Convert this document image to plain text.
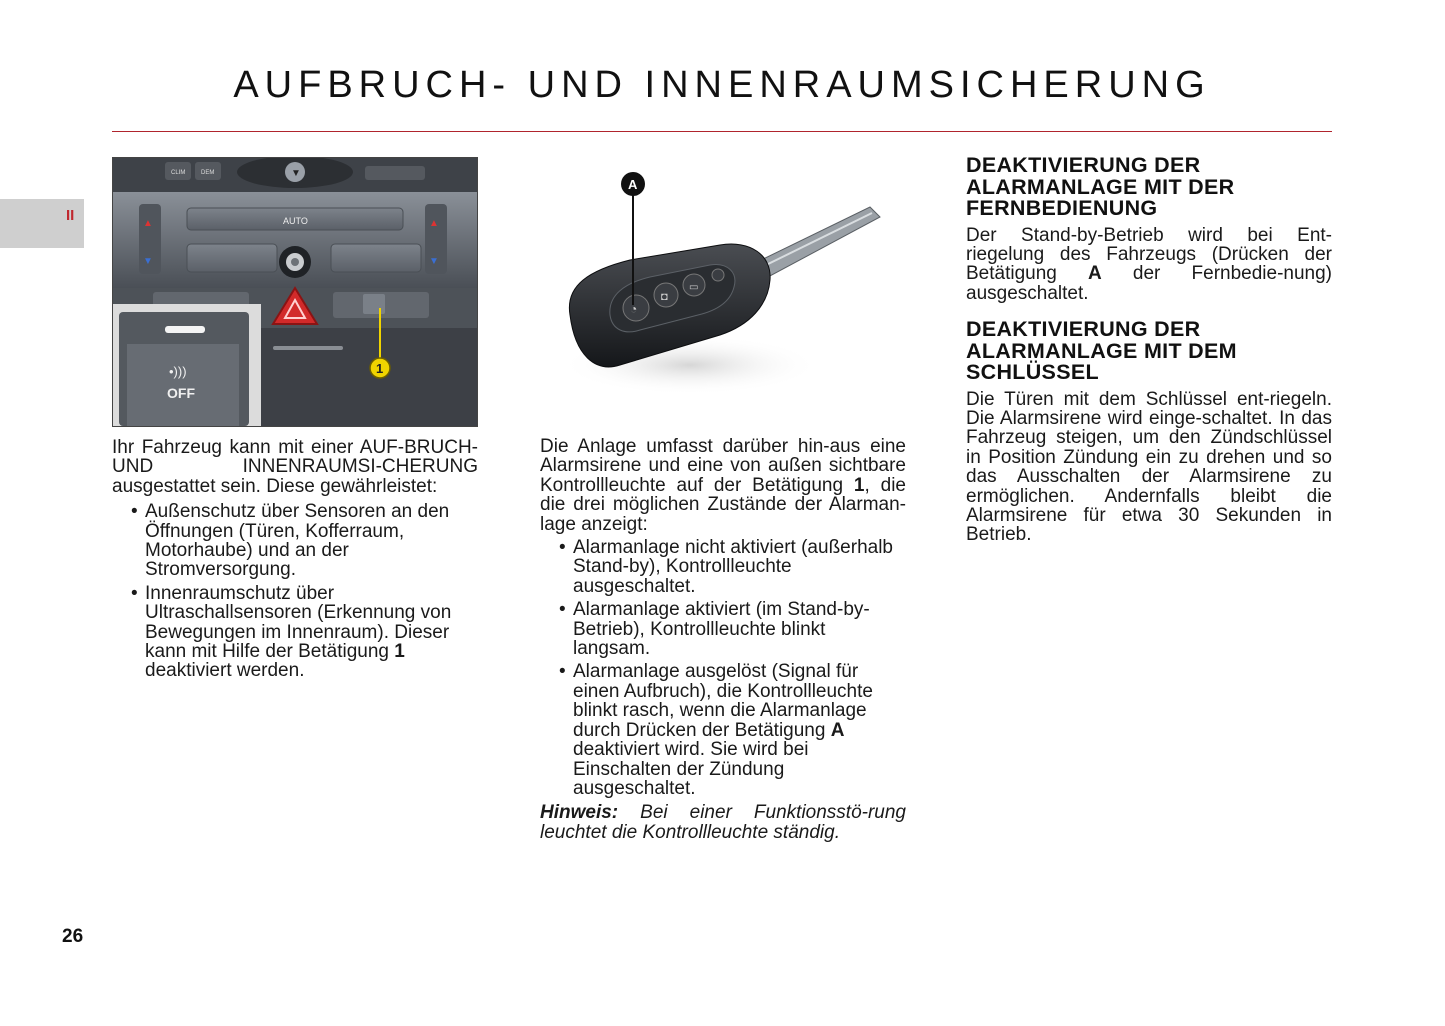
AUFBRUCH- UND INNENRAUMSICHERUNG
II
CLIM	DEM	▼
▲
▼
▲
▼
AUTO
1
•)))
OFF
◔
◘
▭
A

Ihr Fahrzeug kann mit einer AUF-BRUCH- UND INNENRAUMSI-CHERUNG ausgestattet sein. Diese gewährleistet:

• Außenschutz über Sensoren an den Öffnungen (Türen, Kofferraum, Motorhaube) und an der Stromversorgung.
• Innenraumschutz über Ultraschallsensoren (Erkennung von Bewegungen im Innenraum). Dieser kann mit Hilfe der Betätigung 1 deaktiviert werden.

Die Anlage umfasst darüber hin-aus eine Alarmsirene und eine von außen sichtbare Kontrollleuchte auf der Betätigung 1, die die drei möglichen Zustände der Alarman-lage anzeigt:

• Alarmanlage nicht aktiviert (außerhalb Stand-by), Kontrollleuchte ausgeschaltet.
• Alarmanlage aktiviert (im Stand-by-Betrieb), Kontrollleuchte blinkt langsam.
• Alarmanlage ausgelöst (Signal für einen Aufbruch), die Kontrollleuchte blinkt rasch, wenn die Alarmanlage durch Drücken der Betätigung A deaktiviert wird. Sie wird bei Einschalten der Zündung ausgeschaltet.

Hinweis: Bei einer Funktionsstö-rung leuchtet die Kontrollleuchte ständig.

DEAKTIVIERUNG DER ALARMANLAGE MIT DER FERNBEDIENUNG

Der Stand-by-Betrieb wird bei Ent-riegelung des Fahrzeugs (Drücken der Betätigung A der Fernbedie-nung) ausgeschaltet.

DEAKTIVIERUNG DER ALARMANLAGE MIT DEM SCHLÜSSEL

Die Türen mit dem Schlüssel ent-riegeln. Die Alarmsirene wird einge-schaltet. In das Fahrzeug steigen, um den Zündschlüssel in Position Zündung ein zu drehen und so das Ausschalten der Alarmsirene zu ermöglichen. Andernfalls bleibt die Alarmsirene für etwa 30 Sekunden in Betrieb.

26
